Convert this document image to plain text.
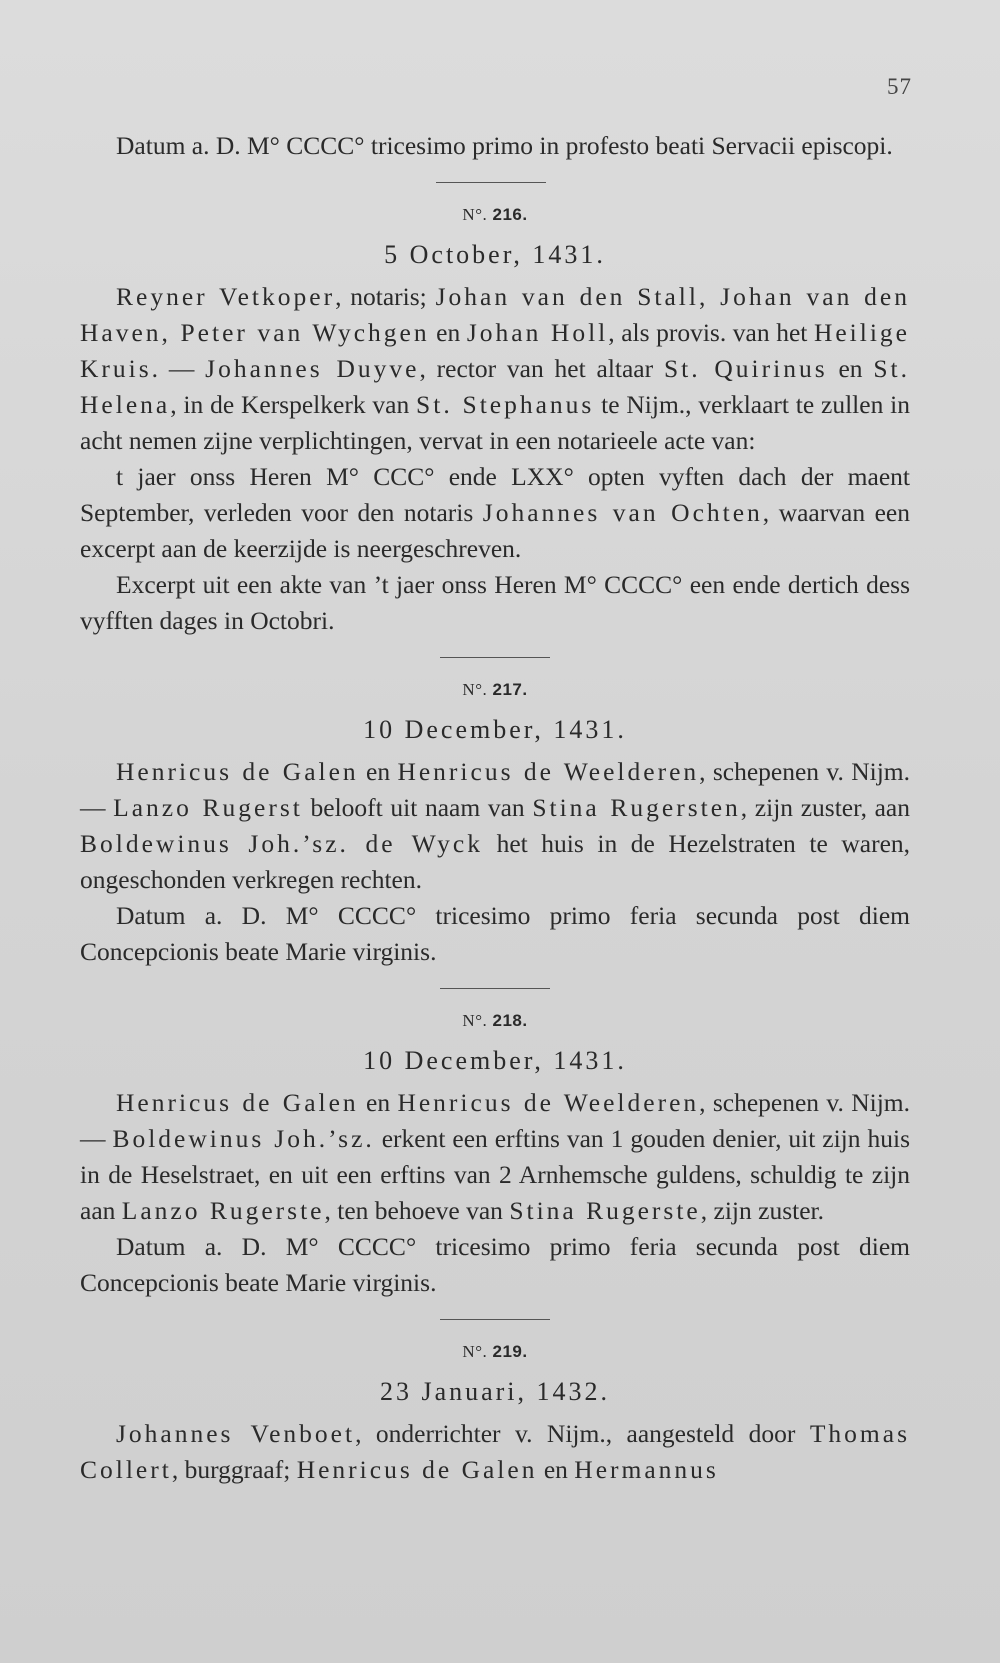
57

Datum a. D. M° CCCC° tricesimo primo in profesto beati Servacii episcopi.

N°. 216.
5 October, 1431.

Reyner Vetkoper, notaris; Johan van den Stall, Johan van den Haven, Peter van Wychgen en Johan Holl, als provis. van het Heilige Kruis. — Johannes Duyve, rector van het altaar St. Quirinus en St. Helena, in de Kerspelkerk van St. Stephanus te Nijm., verklaart te zullen in acht nemen zijne verplichtingen, vervat in een notarieele acte van:

t jaer onss Heren M° CCC° ende LXX° opten vyften dach der maent September, verleden voor den notaris Johannes van Ochten, waarvan een excerpt aan de keerzijde is neergeschreven.

Excerpt uit een akte van ’t jaer onss Heren M° CCCC° een ende dertich dess vyfften dages in Octobri.

N°. 217.
10 December, 1431.

Henricus de Galen en Henricus de Weelderen, schepenen v. Nijm. — Lanzo Rugerst belooft uit naam van Stina Rugersten, zijn zuster, aan Boldewinus Joh.’sz. de Wyck het huis in de Hezelstraten te waren, ongeschonden verkregen rechten.

Datum a. D. M° CCCC° tricesimo primo feria secunda post diem Concepcionis beate Marie virginis.

N°. 218.
10 December, 1431.

Henricus de Galen en Henricus de Weelderen, schepenen v. Nijm. — Boldewinus Joh.’sz. erkent een erftins van 1 gouden denier, uit zijn huis in de Heselstraet, en uit een erftins van 2 Arnhemsche guldens, schuldig te zijn aan Lanzo Rugerste, ten behoeve van Stina Rugerste, zijn zuster.

Datum a. D. M° CCCC° tricesimo primo feria secunda post diem Concepcionis beate Marie virginis.

N°. 219.
23 Januari, 1432.

Johannes Venboet, onderrichter v. Nijm., aangesteld door Thomas Collert, burggraaf; Henricus de Galen en Hermannus
